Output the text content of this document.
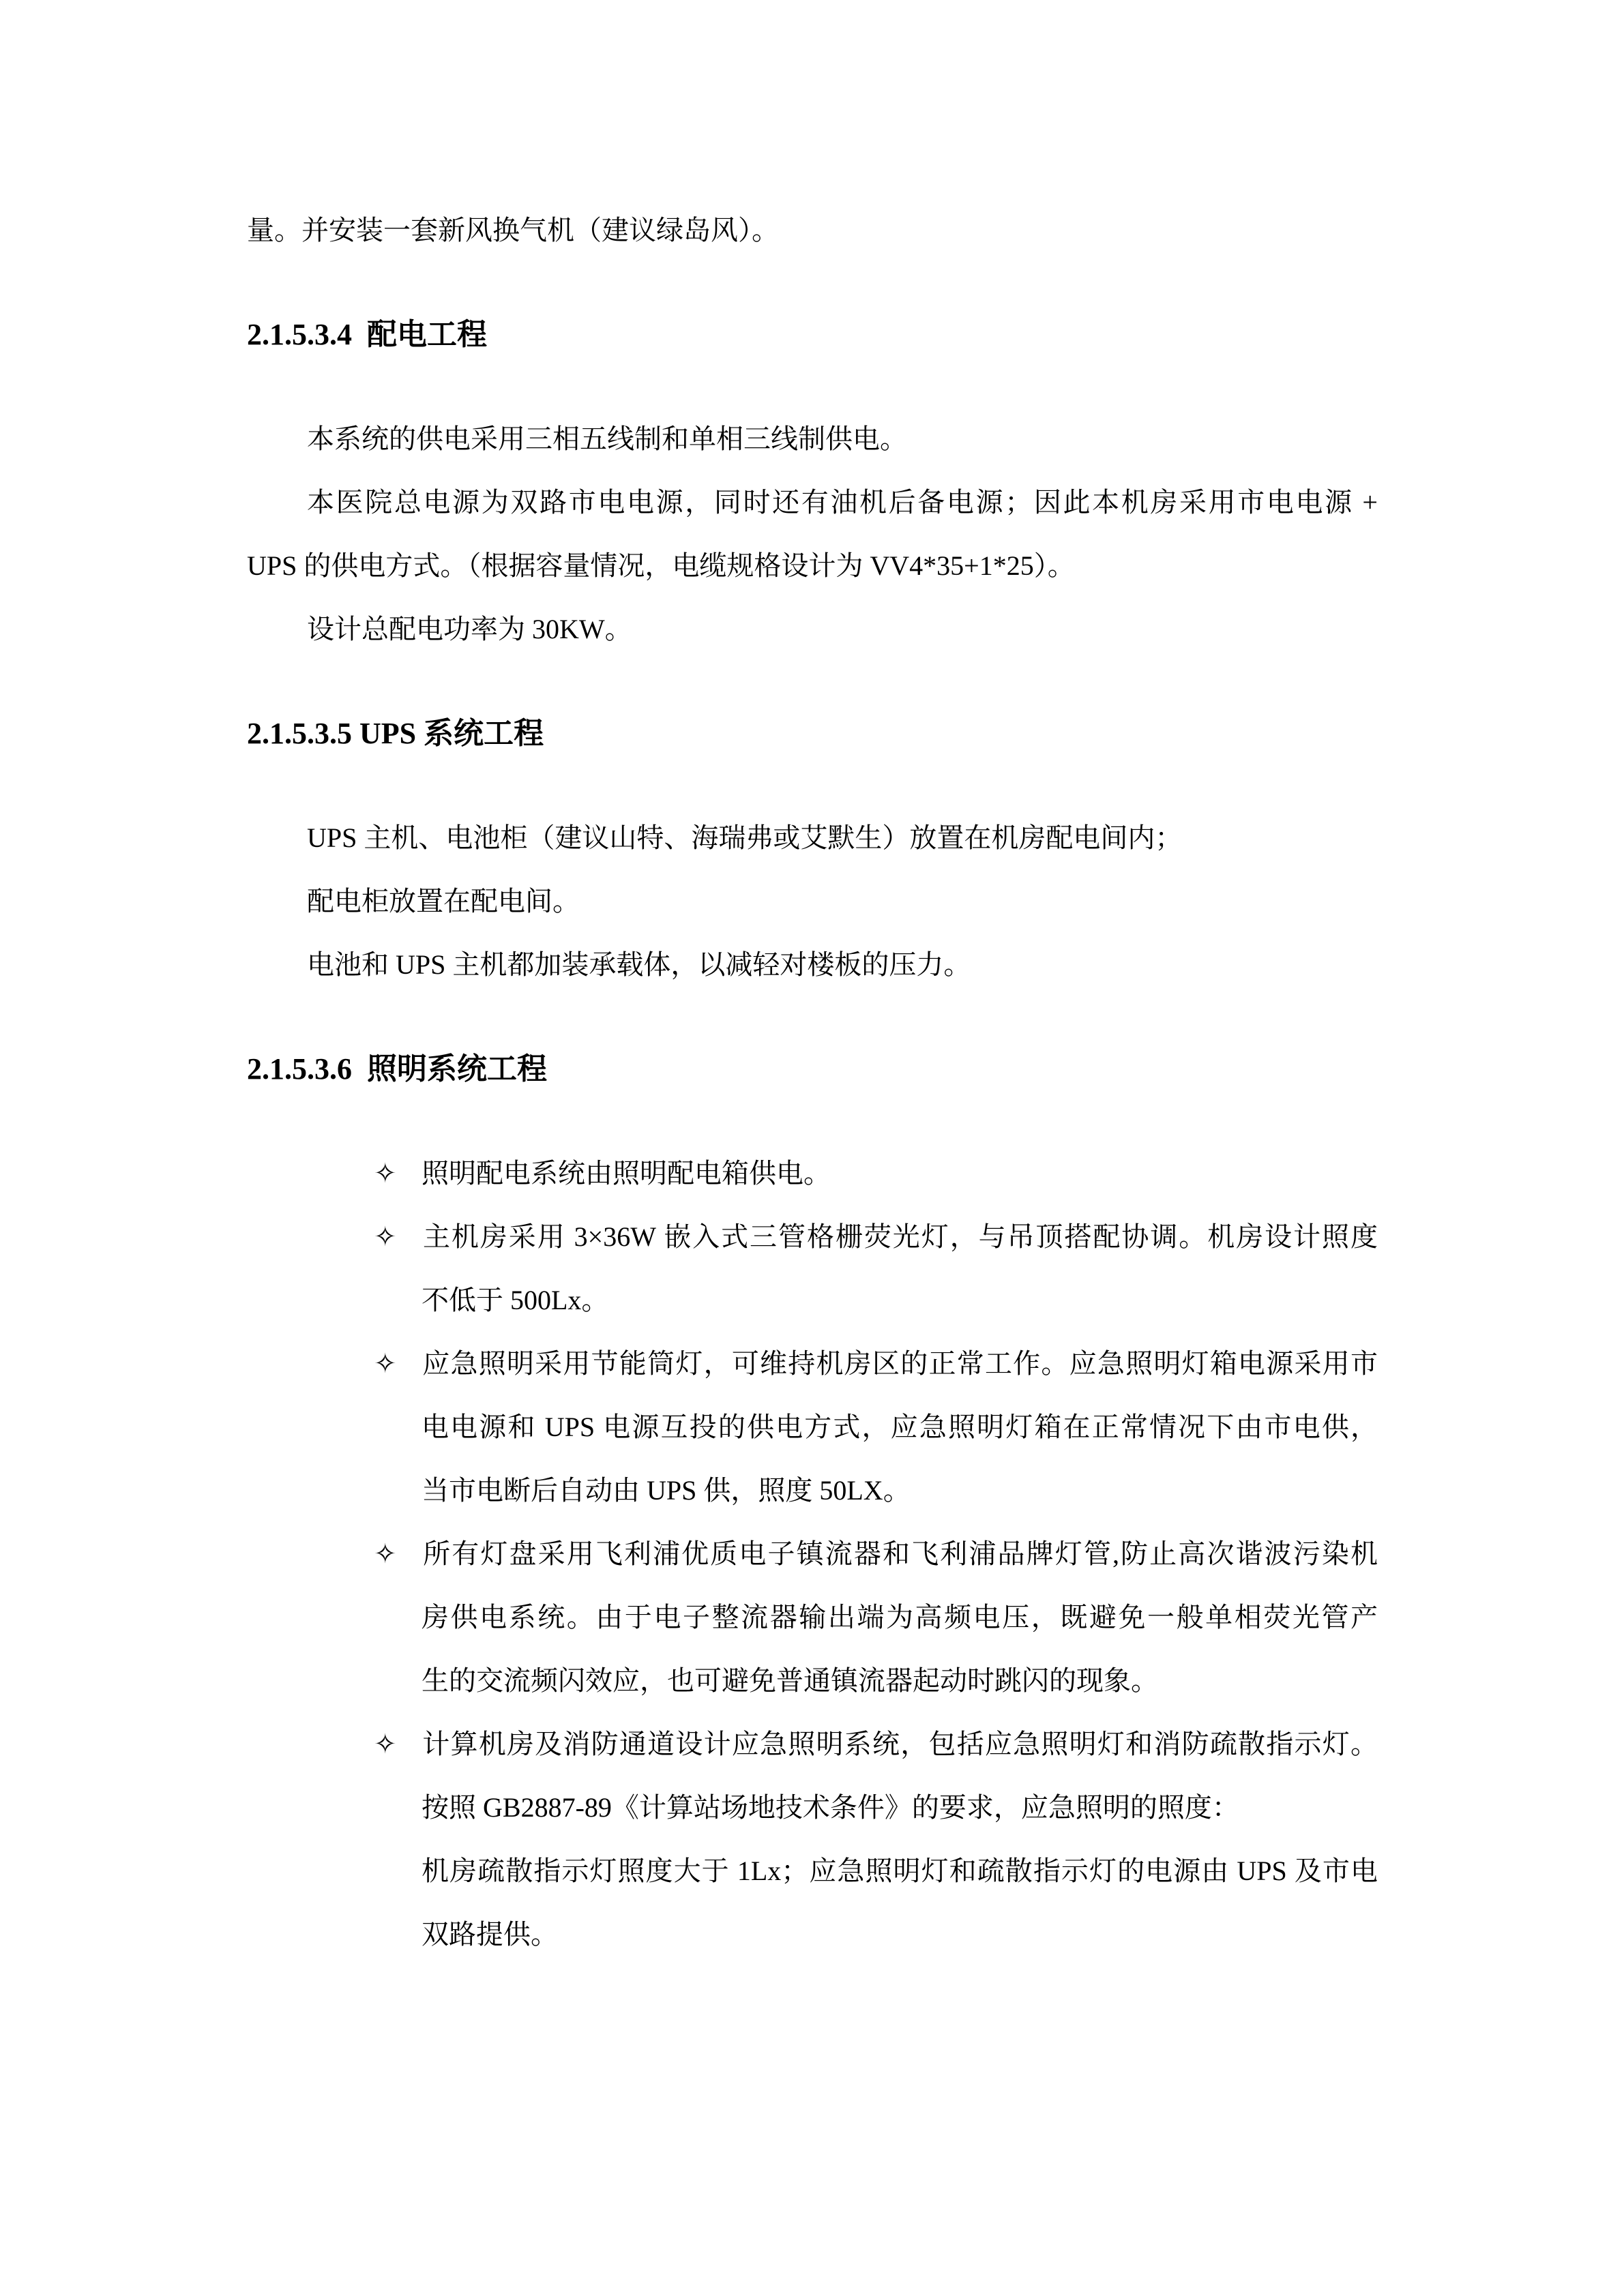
量。并安装一套新风换气机（建议绿岛风）。
2.1.5.3.4  配电工程
本系统的供电采用三相五线制和单相三线制供电。
本医院总电源为双路市电电源，同时还有油机后备电源；因此本机房采用市电电源 +
UPS 的供电方式。（根据容量情况，电缆规格设计为 VV4*35+1*25）。
设计总配电功率为 30KW。
2.1.5.3.5 UPS 系统工程
UPS 主机、电池柜（建议山特、海瑞弗或艾默生）放置在机房配电间内；
配电柜放置在配电间。
电池和 UPS 主机都加装承载体，以减轻对楼板的压力。
2.1.5.3.6  照明系统工程
✧ 照明配电系统由照明配电箱供电。
✧ 主机房采用 3×36W 嵌入式三管格栅荧光灯，与吊顶搭配协调。机房设计照度
不低于 500Lx。
✧ 应急照明采用节能筒灯，可维持机房区的正常工作。应急照明灯箱电源采用市
电电源和 UPS 电源互投的供电方式，应急照明灯箱在正常情况下由市电供，
当市电断后自动由 UPS 供，照度 50LX。
✧ 所有灯盘采用飞利浦优质电子镇流器和飞利浦品牌灯管,防止高次谐波污染机
房供电系统。由于电子整流器输出端为高频电压，既避免一般单相荧光管产
生的交流频闪效应，也可避免普通镇流器起动时跳闪的现象。
✧ 计算机房及消防通道设计应急照明系统，包括应急照明灯和消防疏散指示灯。
按照 GB2887-89《计算站场地技术条件》的要求，应急照明的照度：
机房疏散指示灯照度大于 1Lx；应急照明灯和疏散指示灯的电源由 UPS 及市电
双路提供。
